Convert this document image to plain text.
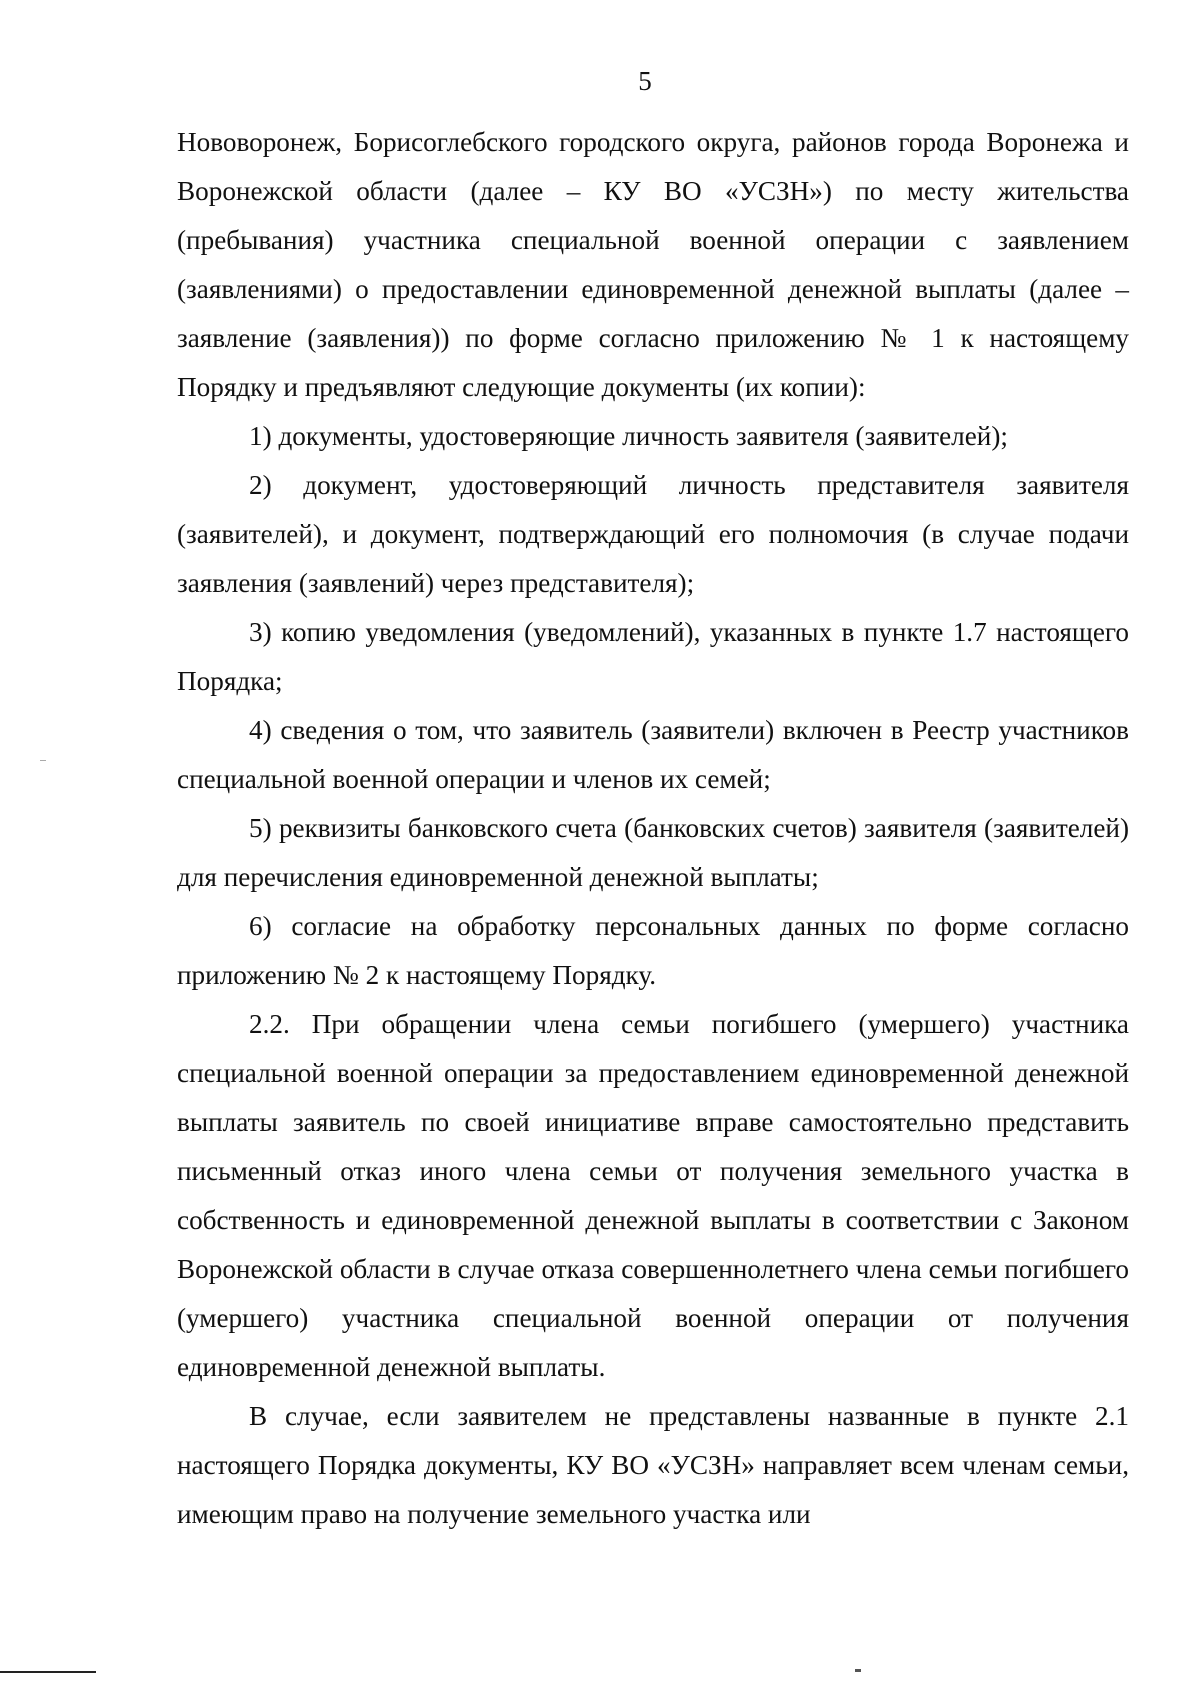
5

Нововоронеж, Борисоглебского городского округа, районов города Воронежа и Воронежской области (далее – КУ ВО «УСЗН») по месту жительства (пребывания) участника специальной военной операции с заявлением (заявлениями) о предоставлении единовременной денежной выплаты (далее – заявление (заявления)) по форме согласно приложению № 1 к настоящему Порядку и предъявляют следующие документы (их копии):

1) документы, удостоверяющие личность заявителя (заявителей);

2) документ, удостоверяющий личность представителя заявителя (заявителей), и документ, подтверждающий его полномочия (в случае подачи заявления (заявлений) через представителя);

3) копию уведомления (уведомлений), указанных в пункте 1.7 настоящего Порядка;

4) сведения о том, что заявитель (заявители) включен в Реестр участников специальной военной операции и членов их семей;

5) реквизиты банковского счета (банковских счетов) заявителя (заявителей) для перечисления единовременной денежной выплаты;

6) согласие на обработку персональных данных по форме согласно приложению № 2 к настоящему Порядку.

2.2. При обращении члена семьи погибшего (умершего) участника специальной военной операции за предоставлением единовременной денежной выплаты заявитель по своей инициативе вправе самостоятельно представить письменный отказ иного члена семьи от получения земельного участка в собственность и единовременной денежной выплаты в соответствии с Законом Воронежской области в случае отказа совершеннолетнего члена семьи погибшего (умершего) участника специальной военной операции от получения единовременной денежной выплаты.

В случае, если заявителем не представлены названные в пункте 2.1 настоящего Порядка документы, КУ ВО «УСЗН» направляет всем членам семьи, имеющим право на получение земельного участка или
